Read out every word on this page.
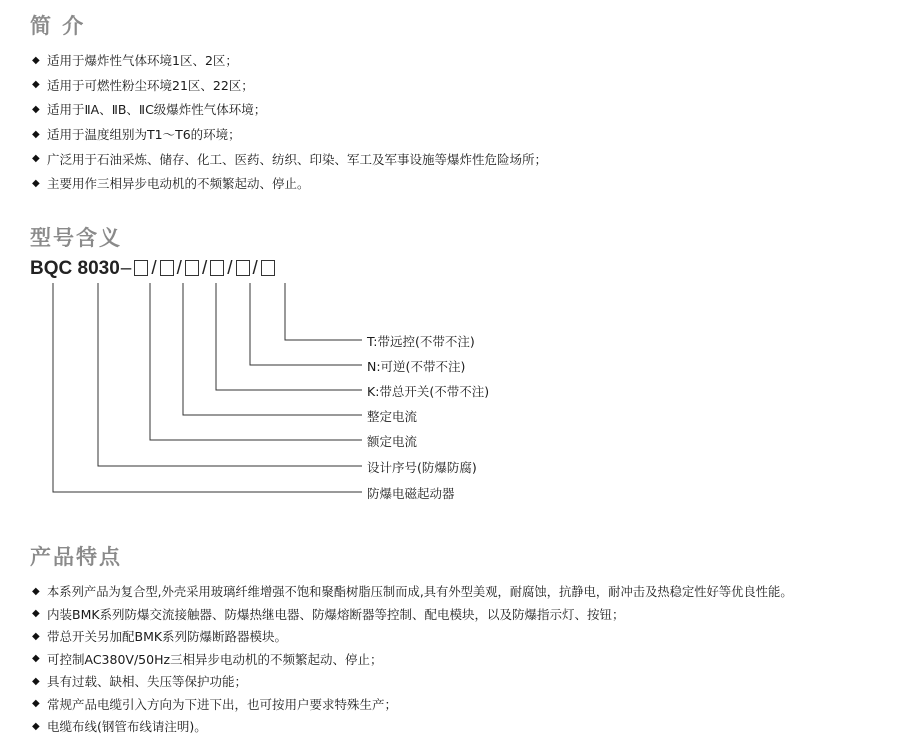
简 介
◆ 适用于爆炸性气体环境1区、2区；
◆ 适用于可燃性粉尘环境21区、22区；
◆ 适用于ⅡA、ⅡB、ⅡC级爆炸性气体环境；
◆ 适用于温度组别为T1～T6的环境；
◆ 广泛用于石油采炼、储存、化工、医药、纺织、印染、军工及军事设施等爆炸性危险场所；
◆ 主要用作三相异步电动机的不频繁起动、停止。
型号含义
BQC 8030– / / / / /

T:带远控(不带不注)

N:可逆(不带不注)

K:带总开关(不带不注)

整定电流

额定电流

设计序号(防爆防腐)

防爆电磁起动器

产品特点
◆ 本系列产品为复合型,外壳采用玻璃纤维增强不饱和聚酯树脂压制而成,具有外型美观，耐腐蚀，抗静电，耐冲击及热稳定性好等优良性能。
◆ 内装BMK系列防爆交流接触器、防爆热继电器、防爆熔断器等控制、配电模块，以及防爆指示灯、按钮；
◆ 带总开关另加配BMK系列防爆断路器模块。
◆ 可控制AC380V/50Hz三相异步电动机的不频繁起动、停止；
◆ 具有过载、缺相、失压等保护功能；
◆ 常规产品电缆引入方向为下进下出，也可按用户要求特殊生产；
◆ 电缆布线(钢管布线请注明)。
